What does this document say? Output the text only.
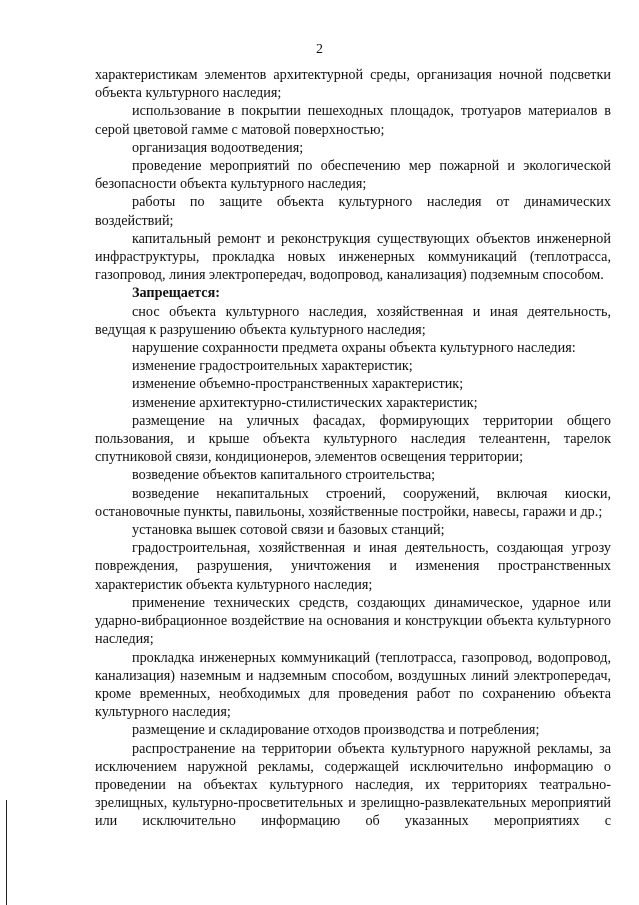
2

характеристикам элементов архитектурной среды, организация ночной подсветки объекта культурного наследия;

использование в покрытии пешеходных площадок, тротуаров материалов в серой цветовой гамме с матовой поверхностью;

организация водоотведения;

проведение мероприятий по обеспечению мер пожарной и экологической безопасности объекта культурного наследия;

работы по защите объекта культурного наследия от динамических воздействий;

капитальный ремонт и реконструкция существующих объектов инженерной инфраструктуры, прокладка новых инженерных коммуникаций (теплотрасса, газопровод, линия электропередач, водопровод, канализация) подземным способом.

Запрещается:

снос объекта культурного наследия, хозяйственная и иная деятельность, ведущая к разрушению объекта культурного наследия;

нарушение сохранности предмета охраны объекта культурного наследия:

изменение градостроительных характеристик;

изменение объемно-пространственных характеристик;

изменение архитектурно-стилистических характеристик;

размещение на уличных фасадах, формирующих территории общего пользования, и крыше объекта культурного наследия телеантенн, тарелок спутниковой связи, кондиционеров, элементов освещения территории;

возведение объектов капитального строительства;

возведение некапитальных строений, сооружений, включая киоски, остановочные пункты, павильоны, хозяйственные постройки, навесы, гаражи и др.;

установка вышек сотовой связи и базовых станций;

градостроительная, хозяйственная и иная деятельность, создающая угрозу повреждения, разрушения, уничтожения и изменения пространственных характеристик объекта культурного наследия;

применение технических средств, создающих динамическое, ударное или ударно-вибрационное воздействие на основания и конструкции объекта культурного наследия;

прокладка инженерных коммуникаций (теплотрасса, газопровод, водопровод, канализация) наземным и надземным способом, воздушных линий электропередач, кроме временных, необходимых для проведения работ по сохранению объекта культурного наследия;

размещение и складирование отходов производства и потребления;

распространение на территории объекта культурного наружной рекламы, за исключением наружной рекламы, содержащей исключительно информацию о проведении на объектах культурного наследия, их территориях театрально-зрелищных, культурно-просветительных и зрелищно-развлекательных мероприятий или исключительно информацию об указанных мероприятиях с
